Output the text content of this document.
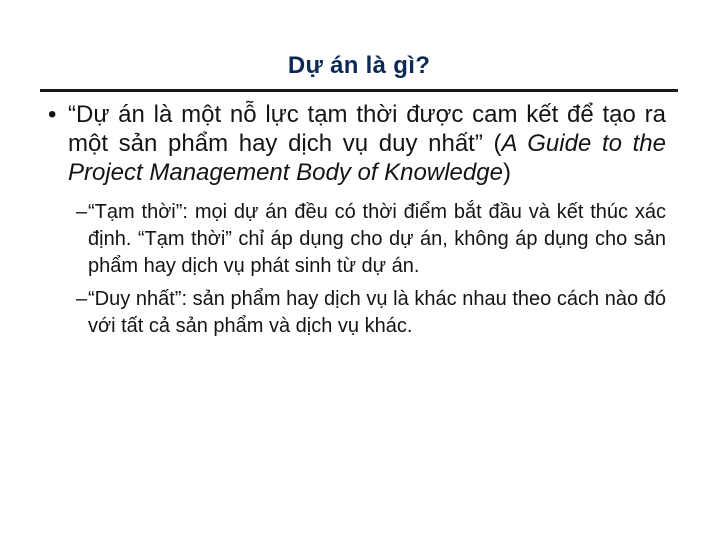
Dự án là gì?
• “Dự án là một nỗ lực tạm thời được cam kết để tạo ra một sản phẩm hay dịch vụ duy nhất” (A Guide to the Project Management Body of Knowledge)
– “Tạm thời”: mọi dự án đều có thời điểm bắt đầu và kết thúc xác định. “Tạm thời” chỉ áp dụng cho dự án, không áp dụng cho sản phẩm hay dịch vụ phát sinh từ dự án.
– “Duy nhất”: sản phẩm hay dịch vụ là khác nhau theo cách nào đó với tất cả sản phẩm và dịch vụ khác.
